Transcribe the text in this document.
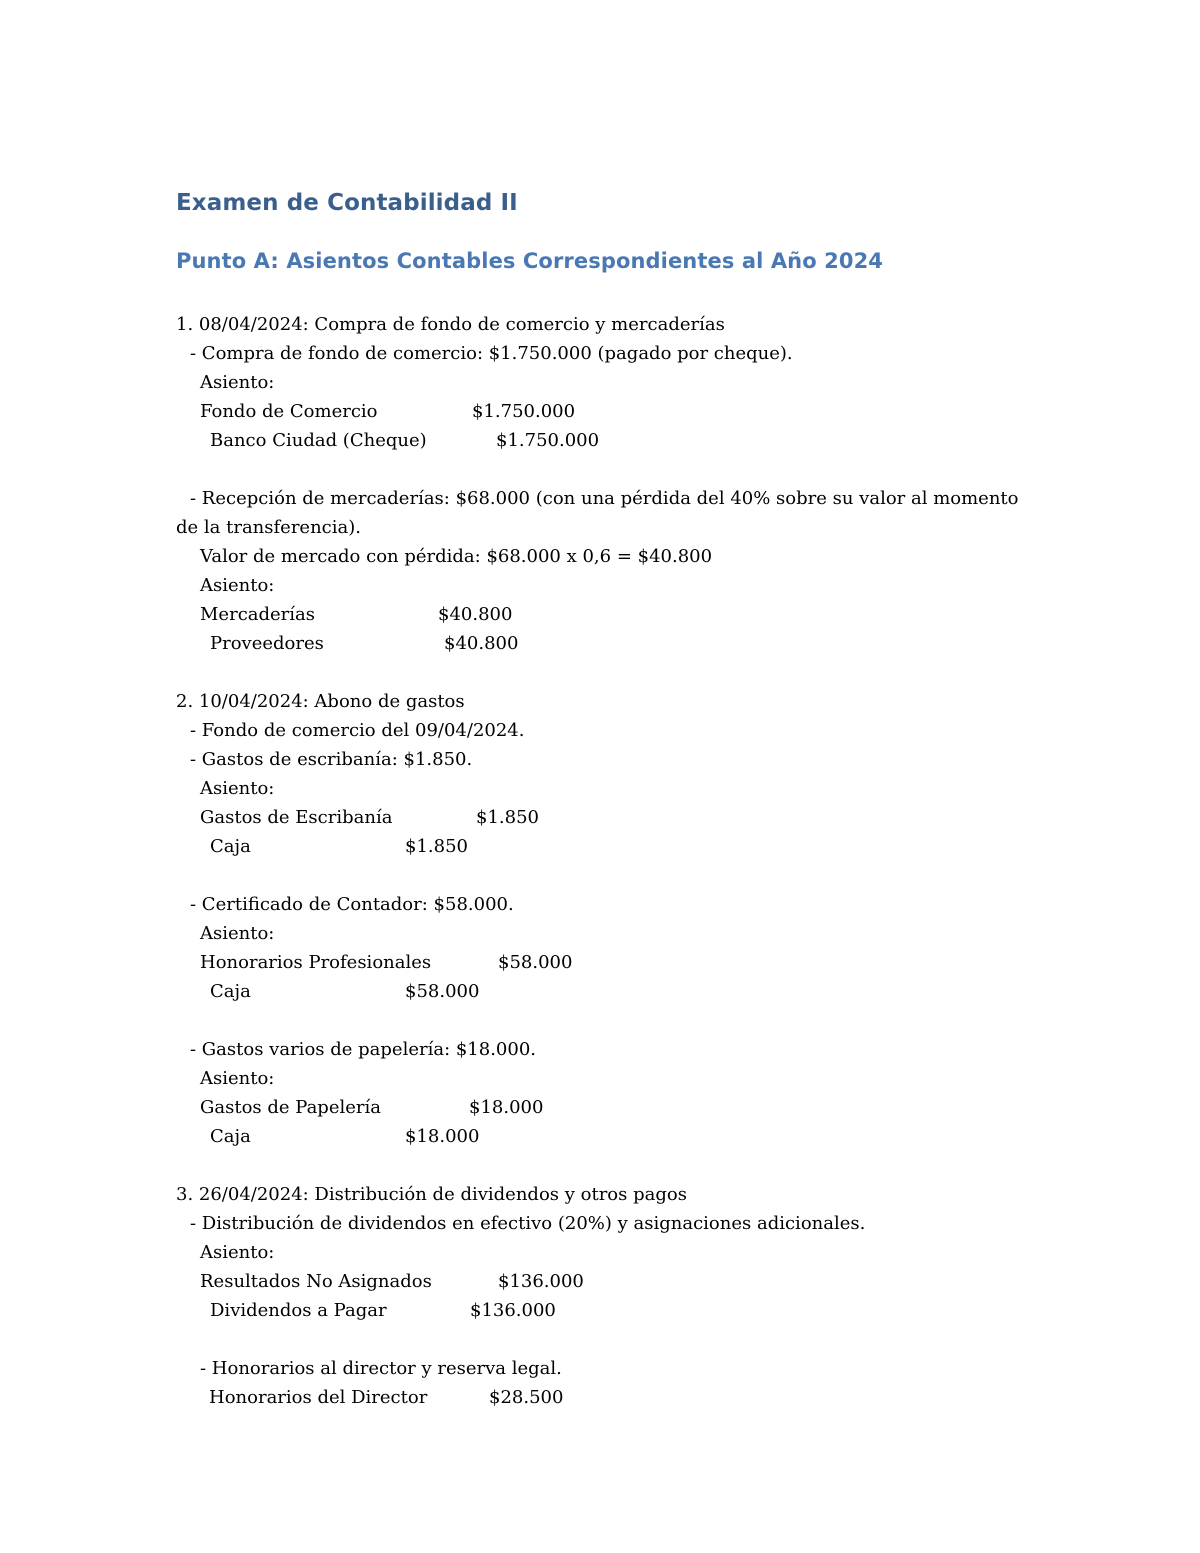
Examen de Contabilidad II
Punto A: Asientos Contables Correspondientes al Año 2024

1. 08/04/2024: Compra de fondo de comercio y mercaderías

- Compra de fondo de comercio: $1.750.000 (pagado por cheque).

Asiento:

Fondo de Comercio	$1.750.000

Banco Ciudad (Cheque)	$1.750.000

- Recepción de mercaderías: $68.000 (con una pérdida del 40% sobre su valor al momento

de la transferencia).

Valor de mercado con pérdida: $68.000 x 0,6 = $40.800

Asiento:

Mercaderías	$40.800

Proveedores	$40.800

2. 10/04/2024: Abono de gastos

- Fondo de comercio del 09/04/2024.

- Gastos de escribanía: $1.850.

Asiento:

Gastos de Escribanía	$1.850

Caja	$1.850

- Certificado de Contador: $58.000.

Asiento:

Honorarios Profesionales	$58.000

Caja	$58.000

- Gastos varios de papelería: $18.000.

Asiento:

Gastos de Papelería	$18.000

Caja	$18.000

3. 26/04/2024: Distribución de dividendos y otros pagos

- Distribución de dividendos en efectivo (20%) y asignaciones adicionales.

Asiento:

Resultados No Asignados	$136.000

Dividendos a Pagar	$136.000

- Honorarios al director y reserva legal.

Honorarios del Director	$28.500
